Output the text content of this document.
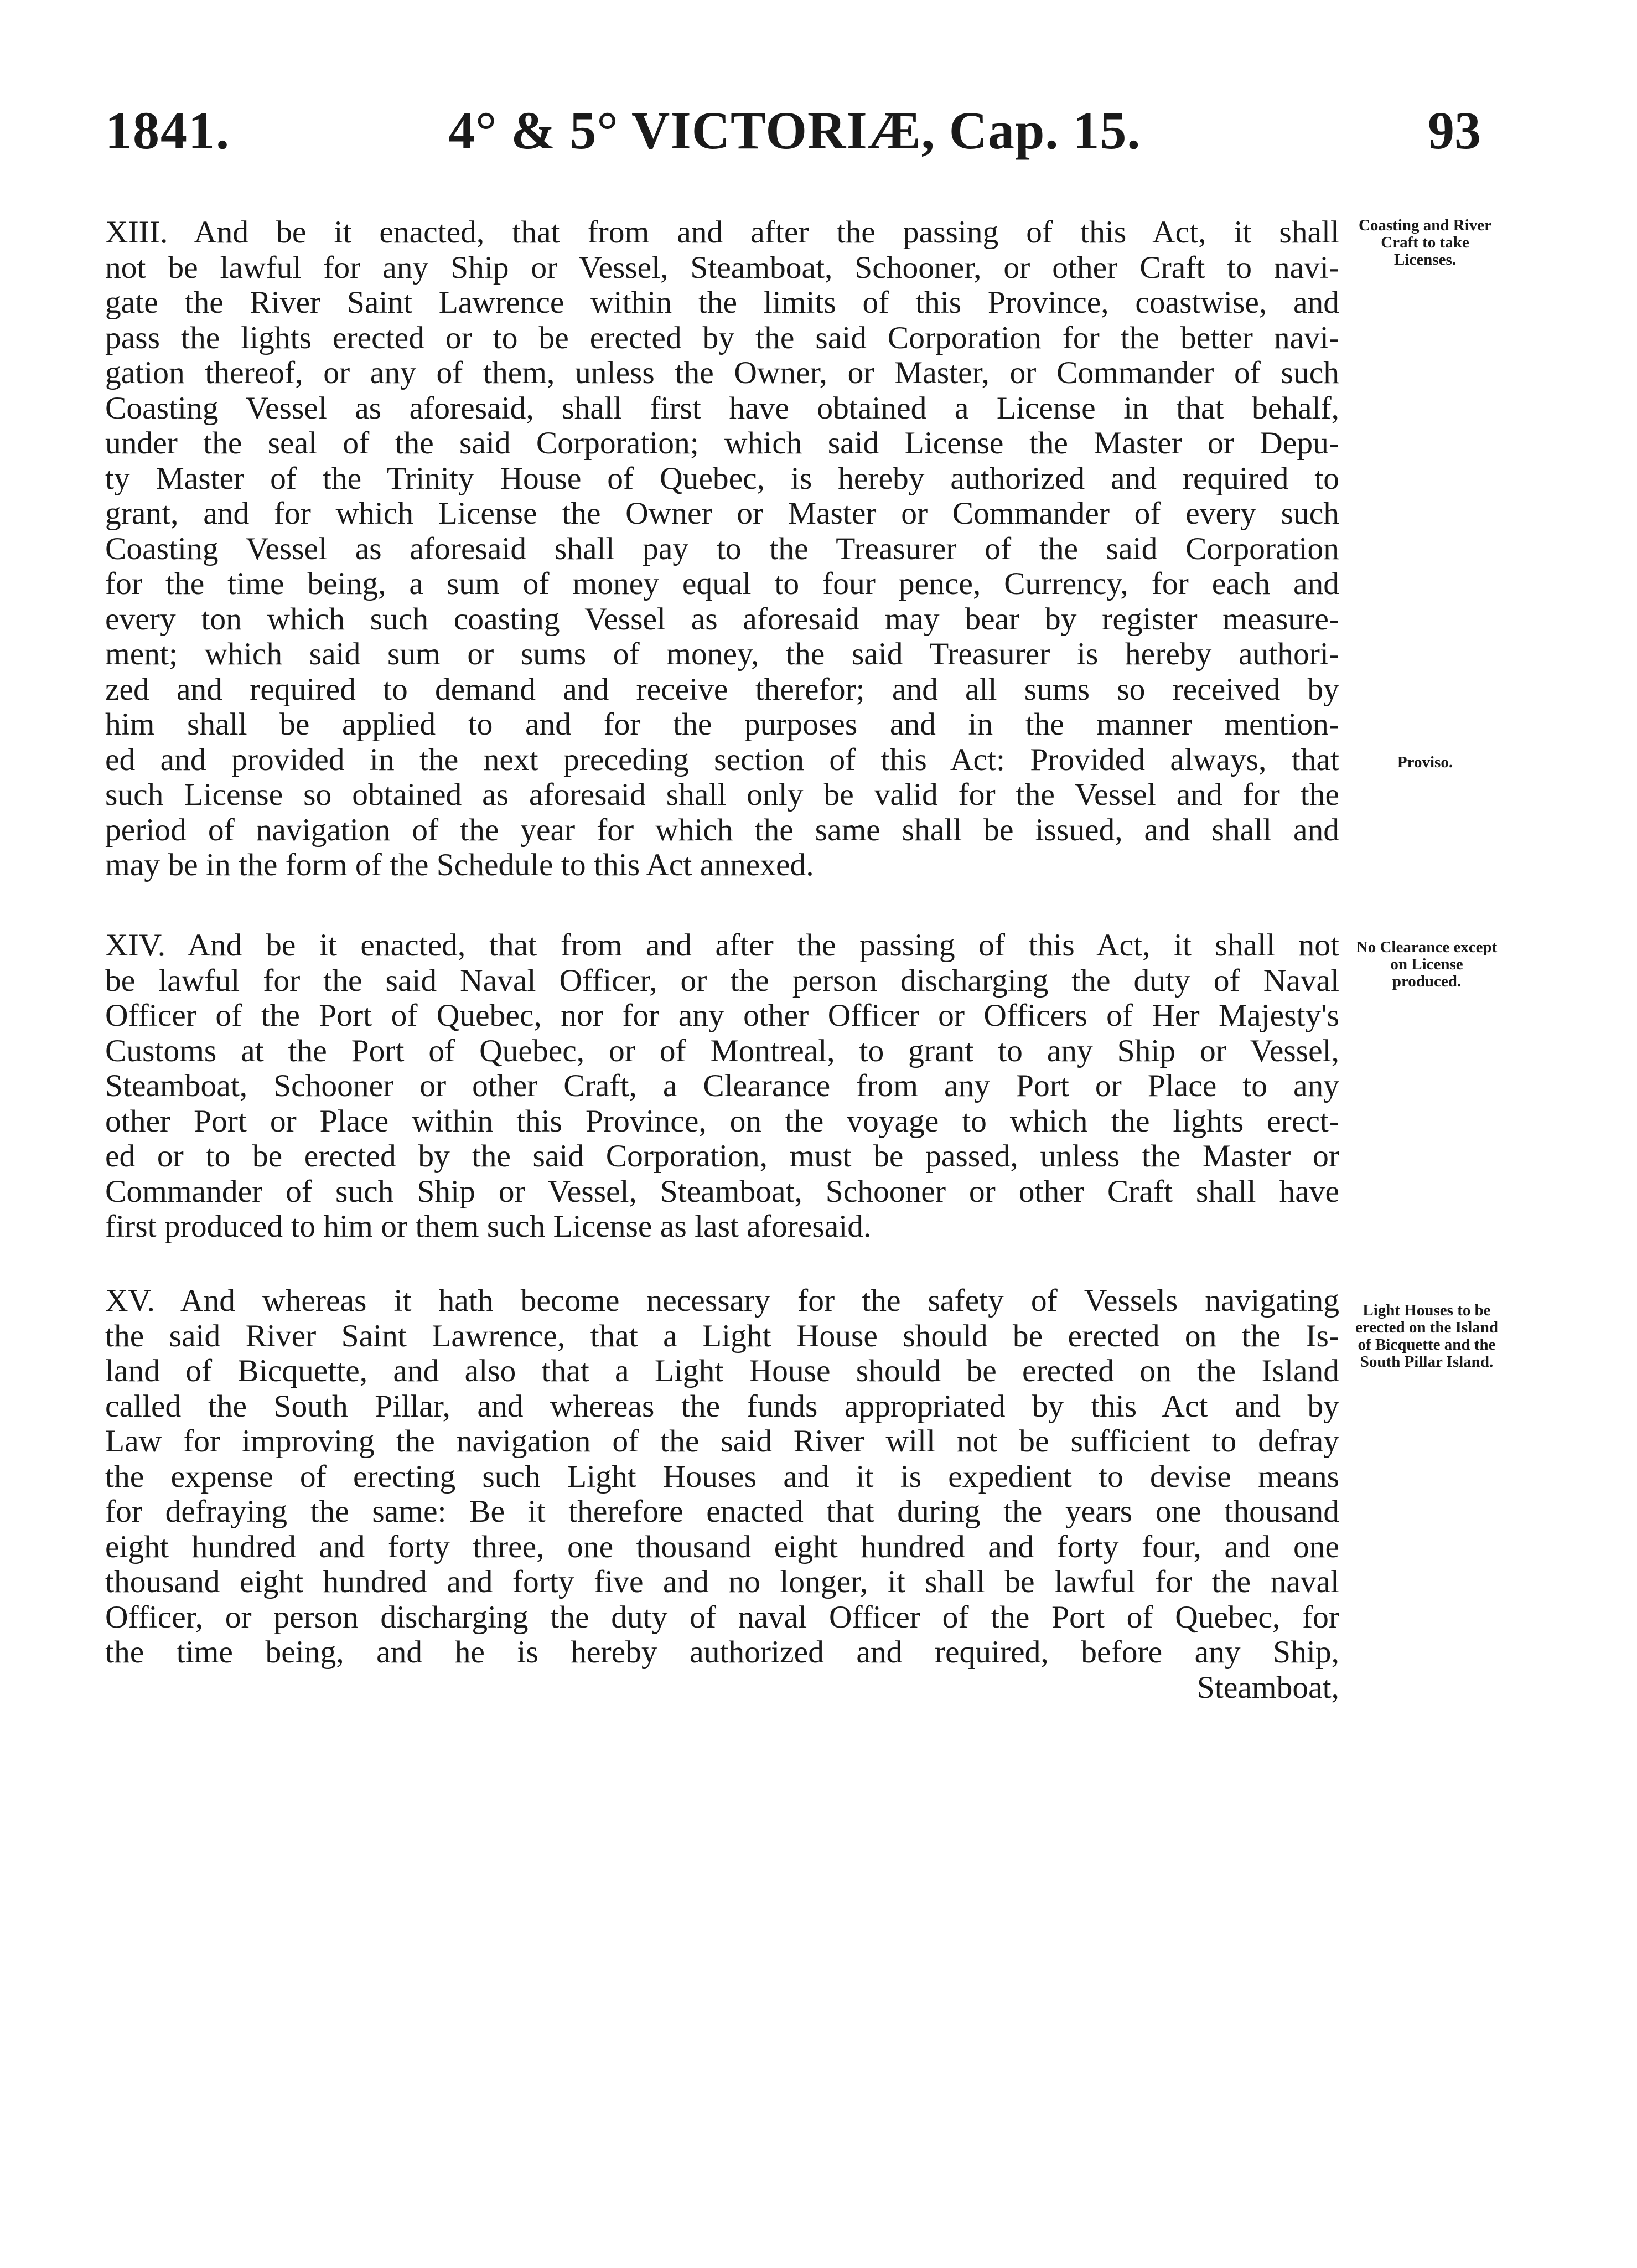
1841.	4° & 5° VICTORIÆ, Cap. 15.	93
XIII. And be it enacted, that from and after the passing of this Act, it shall
not be lawful for any Ship or Vessel, Steamboat, Schooner, or other Craft to navi-
gate the River Saint Lawrence within the limits of this Province, coastwise, and
pass the lights erected or to be erected by the said Corporation for the better navi-
gation thereof, or any of them, unless the Owner, or Master, or Commander of such
Coasting Vessel as aforesaid, shall first have obtained a License in that behalf,
under the seal of the said Corporation; which said License the Master or Depu-
ty Master of the Trinity House of Quebec, is hereby authorized and required to
grant, and for which License the Owner or Master or Commander of every such
Coasting Vessel as aforesaid shall pay to the Treasurer of the said Corporation
for the time being, a sum of money equal to four pence, Currency, for each and
every ton which such coasting Vessel as aforesaid may bear by register measure-
ment; which said sum or sums of money, the said Treasurer is hereby authori-
zed and required to demand and receive therefor; and all sums so received by
him shall be applied to and for the purposes and in the manner mention-
ed and provided in the next preceding section of this Act: Provided always, that
such License so obtained as aforesaid shall only be valid for the Vessel and for the
period of navigation of the year for which the same shall be issued, and shall and
may be in the form of the Schedule to this Act annexed.
Coasting and River Craft to take Licenses.
Proviso.
XIV. And be it enacted, that from and after the passing of this Act, it shall not
be lawful for the said Naval Officer, or the person discharging the duty of Naval
Officer of the Port of Quebec, nor for any other Officer or Officers of Her Majesty's
Customs at the Port of Quebec, or of Montreal, to grant to any Ship or Vessel,
Steamboat, Schooner or other Craft, a Clearance from any Port or Place to any
other Port or Place within this Province, on the voyage to which the lights erect-
ed or to be erected by the said Corporation, must be passed, unless the Master or
Commander of such Ship or Vessel, Steamboat, Schooner or other Craft shall have
first produced to him or them such License as last aforesaid.
No Clearance except on License produced.
XV. And whereas it hath become necessary for the safety of Vessels navigating
the said River Saint Lawrence, that a Light House should be erected on the Is-
land of Bicquette, and also that a Light House should be erected on the Island
called the South Pillar, and whereas the funds appropriated by this Act and by
Law for improving the navigation of the said River will not be sufficient to defray
the expense of erecting such Light Houses and it is expedient to devise means
for defraying the same: Be it therefore enacted that during the years one thousand
eight hundred and forty three, one thousand eight hundred and forty four, and one
thousand eight hundred and forty five and no longer, it shall be lawful for the naval
Officer, or person discharging the duty of naval Officer of the Port of Quebec, for
the time being, and he is hereby authorized and required, before any Ship,
Steamboat,
Light Houses to be erected on the Island of Bicquette and the South Pillar Island.
